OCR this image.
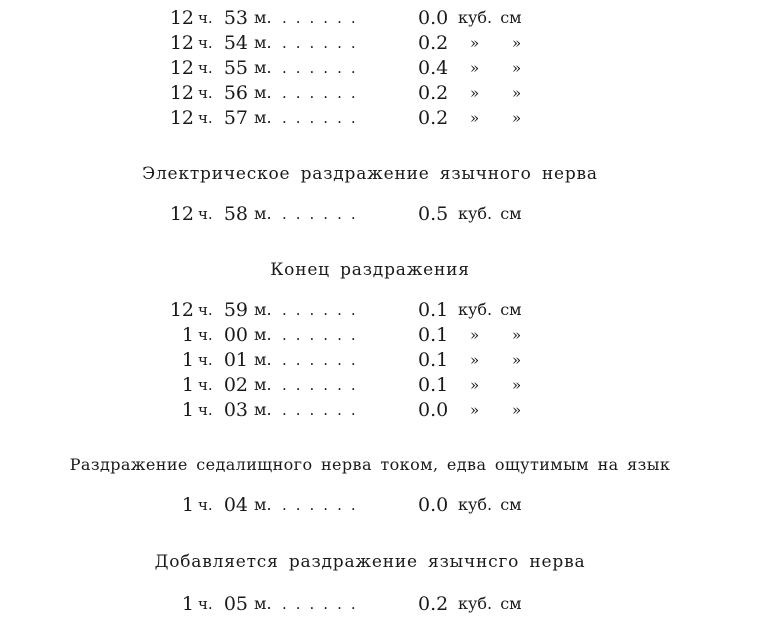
12 ч. 53 м. ......	0.0 куб. см
12 ч. 54 м. ......	0.2 » »
12 ч. 55 м. ......	0.4 » »
12 ч. 56 м. ......	0.2 » »
12 ч. 57 м. ......	0.2 » »
Электрическое раздражение язычного нерва
12 ч. 58 м. ......	0.5 куб. см
Конец раздражения
12 ч. 59 м. ......	0.1 куб. см
1 ч. 00 м. ......	0.1 » »
1 ч. 01 м. ......	0.1 » »
1 ч. 02 м. ......	0.1 » »
1 ч. 03 м. ......	0.0 » »
Раздражение седалищного нерва током, едва ощутимым на язык
1 ч. 04 м. ......	0.0 куб. см
Добавляется раздражение язычнсго нерва
1 ч. 05 м. ......	0.2 куб. см
